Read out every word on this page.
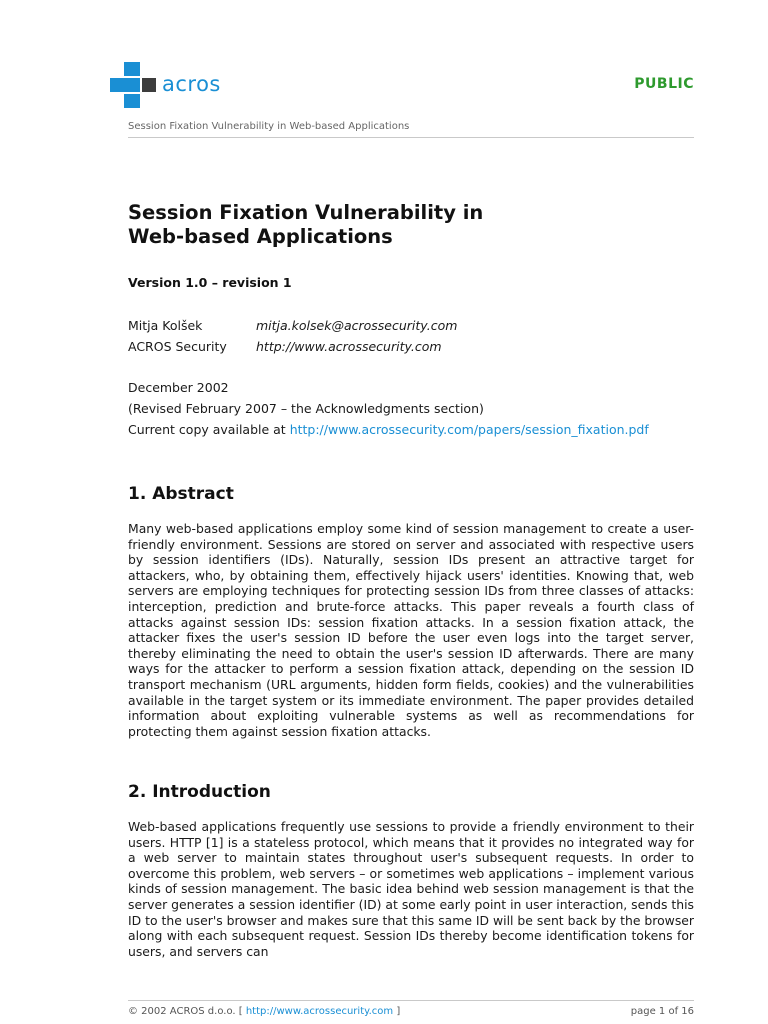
acros	PUBLIC
Session Fixation Vulnerability in Web-based Applications
Session Fixation Vulnerability in
Web-based Applications
Version 1.0 – revision 1
Mitja Kolšek	mitja.kolsek@acrossecurity.com
ACROS Security	http://www.acrossecurity.com
December 2002
(Revised February 2007 – the Acknowledgments section)
Current copy available at http://www.acrossecurity.com/papers/session_fixation.pdf
1. Abstract

Many web-based applications employ some kind of session management to create a user-friendly environment. Sessions are stored on server and associated with respective users by session identifiers (IDs). Naturally, session IDs present an attractive target for attackers, who, by obtaining them, effectively hijack users' identities. Knowing that, web servers are employing techniques for protecting session IDs from three classes of attacks: interception, prediction and brute-force attacks. This paper reveals a fourth class of attacks against session IDs: session fixation attacks. In a session fixation attack, the attacker fixes the user's session ID before the user even logs into the target server, thereby eliminating the need to obtain the user's session ID afterwards. There are many ways for the attacker to perform a session fixation attack, depending on the session ID transport mechanism (URL arguments, hidden form fields, cookies) and the vulnerabilities available in the target system or its immediate environment. The paper provides detailed information about exploiting vulnerable systems as well as recommendations for protecting them against session fixation attacks.

2. Introduction

Web-based applications frequently use sessions to provide a friendly environment to their users. HTTP [1] is a stateless protocol, which means that it provides no integrated way for a web server to maintain states throughout user's subsequent requests. In order to overcome this problem, web servers – or sometimes web applications – implement various kinds of session management. The basic idea behind web session management is that the server generates a session identifier (ID) at some early point in user interaction, sends this ID to the user's browser and makes sure that this same ID will be sent back by the browser along with each subsequent request. Session IDs thereby become identification tokens for users, and servers can

© 2002 ACROS d.o.o. [ http://www.acrossecurity.com ]	page 1 of 16
